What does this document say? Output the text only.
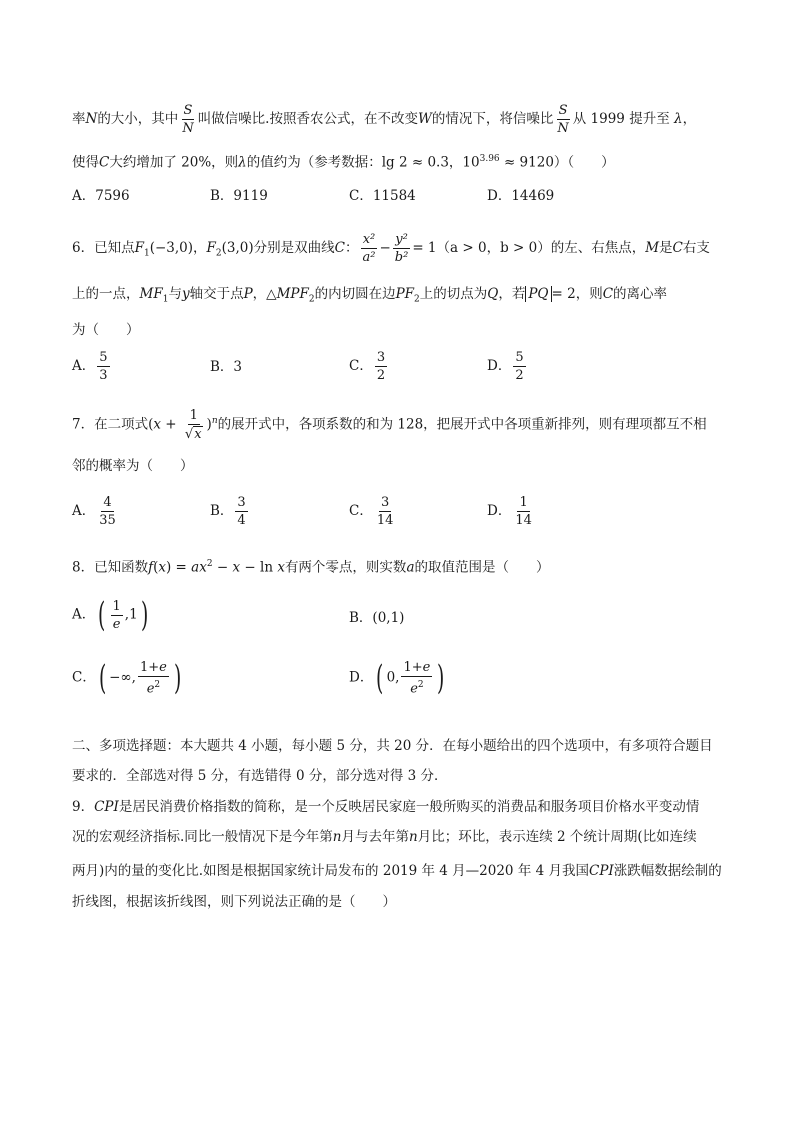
率N的大小，其中 $\frac{S}{N}$ 叫做信噪比.按照香农公式，在不改变W的情况下，将信噪比 $\frac{S}{N}$ 从 1999 提升至 λ，
使得C大约增加了 20%，则λ的值约为（参考数据：lg 2 ≈ 0.3，$10^{3.96} \approx 9120$）（　　）
A．7596	B．9119	C．11584	D．14469
6．已知点$F_1(-3,0)$，$F_2(3,0)$分别是双曲线C： $\frac{\text{x²}}{\text{a²}} - \frac{\text{y²}}{\text{b²}} = 1(a > 0$，b > 0）的左、右焦点，M是C右支
上的一点，$MF_1$与y轴交于点P，$\triangle MPF_2$的内切圆在边$PF_2$上的切点为Q，若 PQ = 2，则C的离心率
为（　　）
A． $\frac{5}{3}$	B．3	C． $\frac{3}{2}$	D． $\frac{5}{2}$
7．在二项式$(x + \frac{1}{√x} )^n$的展开式中，各项系数的和为 128，把展开式中各项重新排列，则有理项都互不相
邻的概率为（　　）
A． $\frac{4}{35}$	B． $\frac{3}{4}$	C． $\frac{3}{14}$	D． $\frac{1}{14}$
8．已知函数$f(x) = ax^2 - x - \ln x$有两个零点，则实数a的取值范围是（　　）
A．( $\frac{1}{e} ,1$)	B．(0,1)
C．( −∞, $\frac{1+e}{e^2}$ )	D．( 0, $\frac{1+e}{e^2}$ )
二、多项选择题：本大题共 4 小题，每小题 5 分，共 20 分．在每小题给出的四个选项中，有多项符合题目
要求的．全部选对得 5 分，有选错得 0 分，部分选对得 3 分．
9．CPI是居民消费价格指数的简称，是一个反映居民家庭一般所购买的消费品和服务项目价格水平变动情
况的宏观经济指标.同比一般情况下是今年第n月与去年第n月比；环比，表示连续 2 个统计周期(比如连续
两月)内的量的变化比.如图是根据国家统计局发布的 2019 年 4 月—2020 年 4 月我国CPI涨跌幅数据绘制的
折线图，根据该折线图，则下列说法正确的是（　　）
